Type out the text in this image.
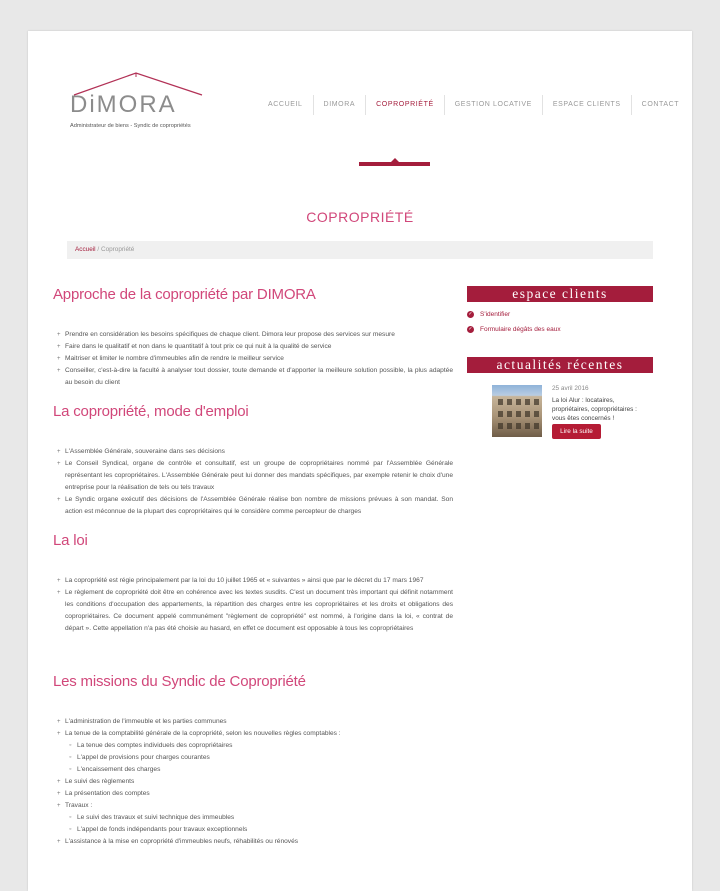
DiMORA
Administrateur de biens - Syndic de copropriétés
ACCUEIL	DIMORA	COPROPRIÉTÉ	GESTION LOCATIVE	ESPACE CLIENTS	CONTACT
COPROPRIÉTÉ
Accueil / Copropriété
Approche de la copropriété par DIMORA
+ Prendre en considération les besoins spécifiques de chaque client. Dimora leur propose des services sur mesure
+ Faire dans le qualitatif et non dans le quantitatif à tout prix ce qui nuit à la qualité de service
+ Maitriser et limiter le nombre d'immeubles afin de rendre le meilleur service
+ Conseiller, c'est-à-dire la faculté à analyser tout dossier, toute demande et d'apporter la meilleure solution possible, la plus adaptée au besoin du client
La copropriété, mode d'emploi
+ L'Assemblée Générale, souveraine dans ses décisions
+ Le Conseil Syndical, organe de contrôle et consultatif, est un groupe de copropriétaires nommé par l'Assemblée Générale représentant les copropriétaires. L'Assemblée Générale peut lui donner des mandats spécifiques, par exemple retenir le choix d'une entreprise pour la réalisation de tels ou tels travaux
+ Le Syndic organe exécutif des décisions de l'Assemblée Générale réalise bon nombre de missions prévues à son mandat. Son action est méconnue de la plupart des copropriétaires qui le considère comme percepteur de charges
La loi
+ La copropriété est régie principalement par la loi du 10 juillet 1965 et « suivantes » ainsi que par le décret du 17 mars 1967
+ Le règlement de copropriété doit être en cohérence avec les textes susdits. C'est un document très important qui définit notamment les conditions d'occupation des appartements, la répartition des charges entre les copropriétaires et les droits et obligations des copropriétaires. Ce document appelé communément "règlement de copropriété" est nommé, à l'origine dans la loi, « contrat de départ ». Cette appellation n'a pas été choisie au hasard, en effet ce document est opposable à tous les copropriétaires
Les missions du Syndic de Copropriété
+ L'administration de l'immeuble et les parties communes
+ La tenue de la comptabilité générale de la copropriété, selon les nouvelles règles comptables :
◦ La tenue des comptes individuels des copropriétaires
◦ L'appel de provisions pour charges courantes
◦ L'encaissement des charges
+ Le suivi des règlements
+ La présentation des comptes
+ Travaux :
◦ Le suivi des travaux et suivi technique des immeubles
◦ L'appel de fonds indépendants pour travaux exceptionnels
+ L'assistance à la mise en copropriété d'immeubles neufs, réhabilités ou rénovés
espace clients
✓ S'identifier
✓ Formulaire dégâts des eaux
actualités récentes
25 avril 2016
La loi Alur : locataires, propriétaires, copropriétaires : vous êtes concernés !
Lire la suite
